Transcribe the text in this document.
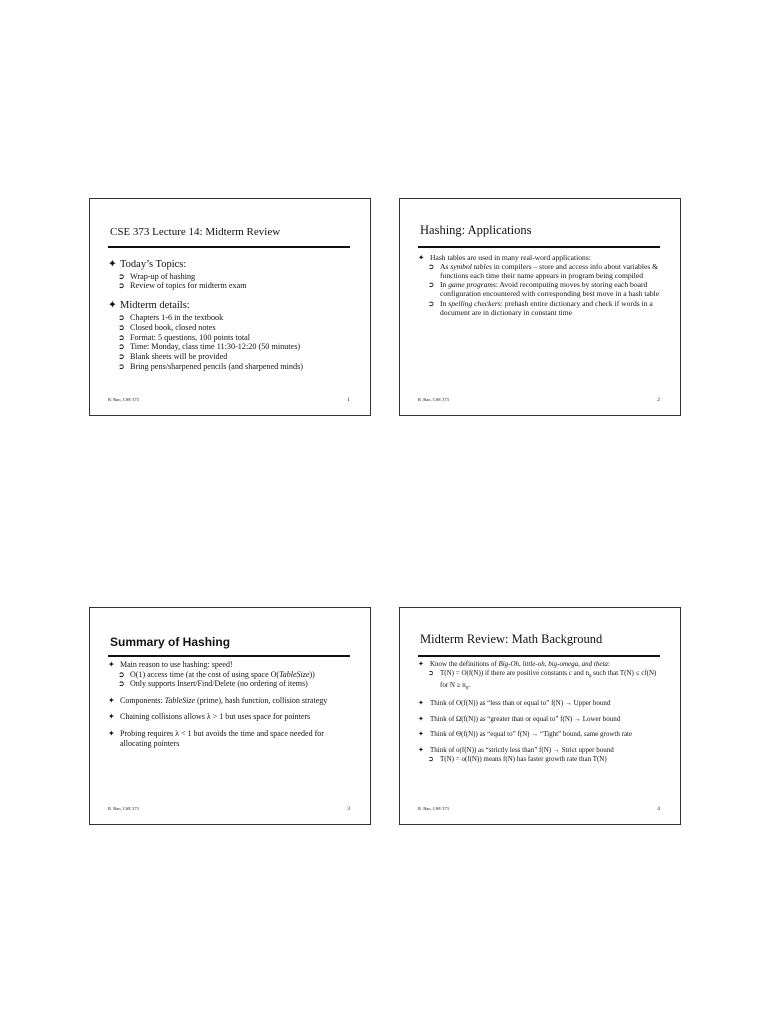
CSE 373 Lecture 14: Midterm Review
✦ Today’s Topics:
➲ Wrap-up of hashing
➲ Review of topics for midterm exam
✦ Midterm details:
➲ Chapters 1-6 in the textbook
➲ Closed book, closed notes
➲ Format: 5 questions, 100 points total
➲ Time: Monday, class time 11:30-12:20 (50 minutes)
➲ Blank sheets will be provided
➲ Bring pens/sharpened pencils (and sharpened minds)
R. Rao, CSE 373	1
Hashing: Applications
✦ Hash tables are used in many real-word applications:
➲ As symbol tables in compilers – store and access info about variables & functions each time their name appears in program being compiled
➲ In game programs: Avoid recomputing moves by storing each board configuration encountered with corresponding best move in a hash table
➲ In spelling checkers: prehash entire dictionary and check if words in a document are in dictionary in constant time
R. Rao, CSE 373	2
Summary of Hashing
✦ Main reason to use hashing: speed!
➲ O(1) access time (at the cost of using space O(TableSize))
➲ Only supports Insert/Find/Delete (no ordering of items)
✦ Components: TableSize (prime), hash function, collision strategy
✦ Chaining collisions allows λ > 1 but uses space for pointers
✦ Probing requires λ < 1 but avoids the time and space needed for allocating pointers
R. Rao, CSE 373	3
Midterm Review: Math Background
✦ Know the definitions of Big-Oh, little-oh, big-omega, and theta:
➲ T(N) = O(f(N)) if there are positive constants c and $n_0$ such that T(N) ≤ cf(N) for $N \ge n_0$.
✦ Think of O(f(N)) as “less than or equal to” f(N) → Upper bound
✦ Think of Ω(f(N)) as “greater than or equal to” f(N) → Lower bound
✦ Think of Θ(f(N)) as “equal to” f(N) → “Tight” bound, same growth rate
✦ Think of o(f(N)) as “strictly less than” f(N) → Strict upper bound
➲ T(N) = o(f(N)) means f(N) has faster growth rate than T(N)
R. Rao, CSE 373	4
